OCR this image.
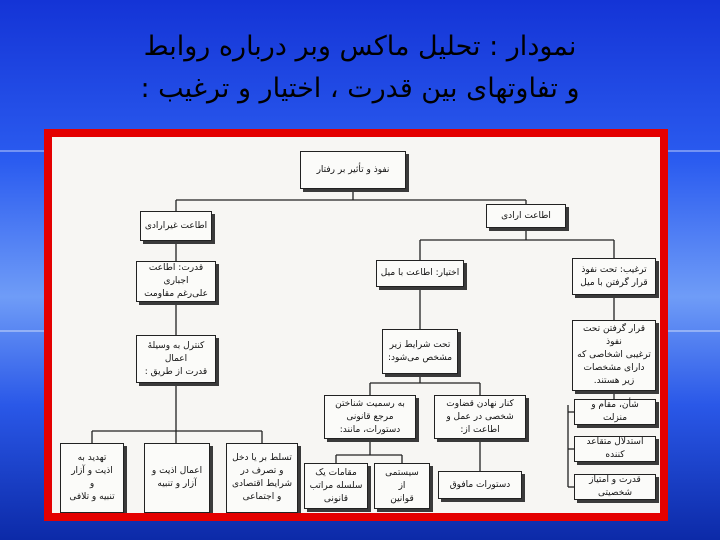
نمودار : تحلیل ماکس وبر درباره روابط
و تفاوتهای بین قدرت ، اختیار و ترغیب :
نفوذ و تأثیر بر رفتار
اطاعت غیرارادی
قدرت: اطاعت اجباری
علی‌رغم مقاومت
کنترل به وسیلهٔ اعمال
قدرت از طریق :
تهدید به
اذیت و آزار
و
تنبیه و تلافی
اعمال اذیت و
آزار و تنبیه
تسلط بر یا دخل
و تصرف در
شرایط اقتصادی
و اجتماعی
اطاعت ارادی
اختیار: اطاعت با میل
تحت شرایط زیر
مشخص می‌شود:
به رسمیت شناختن
مرجع قانونی
دستورات، مانند:
مقامات یک
سلسله مراتب
قانونی
سیستمی
از
قوانین
کنار نهادن قضاوت
شخصی در عمل و
اطاعت از:
دستورات مافوق
ترغیب: تحت نفوذ
قرار گرفتن با میل
قرار گرفتن تحت نفوذ
ترغیبی اشخاصی که
دارای مشخصات
زیر هستند.
شأن، مقام و منزلت
استدلال متقاعد کننده
قدرت و امتیاز شخصیتی
